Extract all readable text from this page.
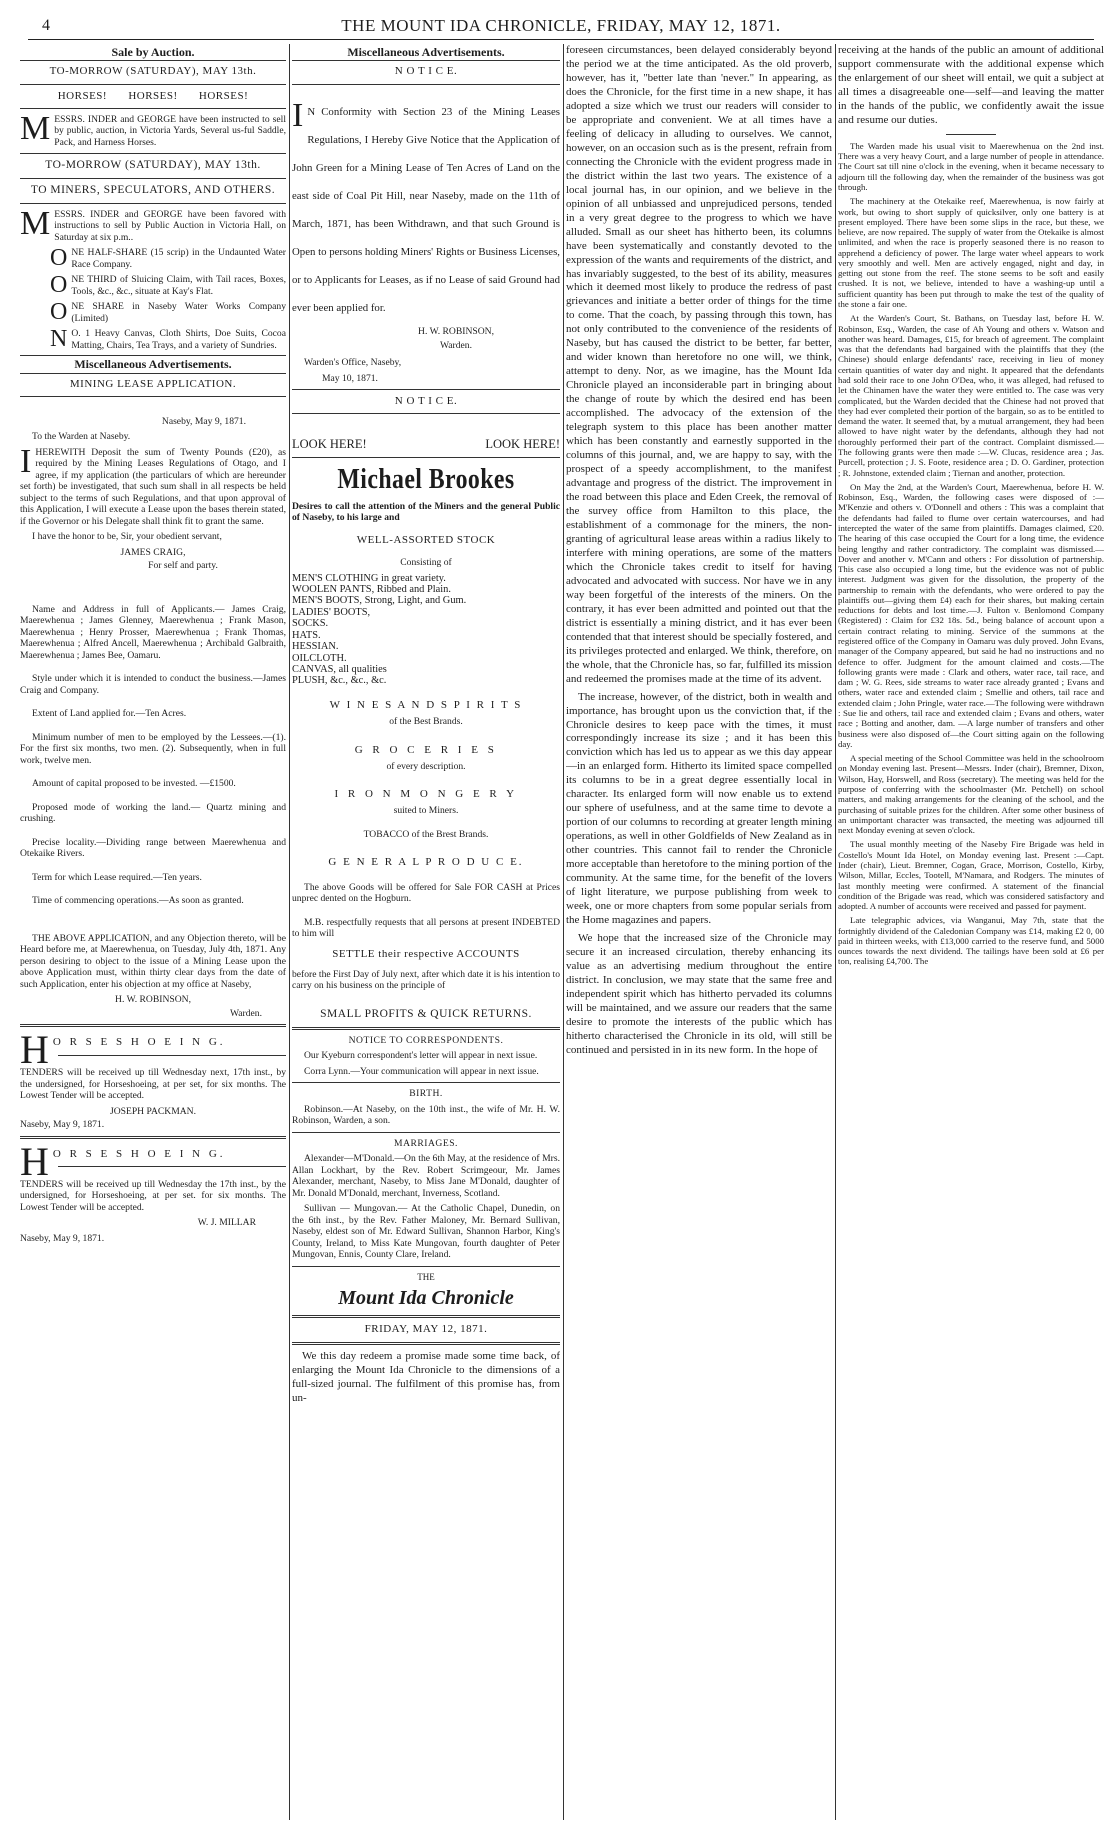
4	THE MOUNT IDA CHRONICLE, FRIDAY, MAY 12, 1871.
Sale by Auction.
TO-MORROW (SATURDAY), MAY 13th.
HORSES! HORSES! HORSES!

MESSRS. INDER and GEORGE have been instructed to sell by public, auction, in Victoria Yards, Several us-ful Saddle, Pack, and Harness Horses.

TO-MORROW (SATURDAY), MAY 13th.
TO MINERS, SPECULATORS, AND OTHERS.

MESSRS. INDER and GEORGE have been favored with instructions to sell by Public Auction in Victoria Hall, on Saturday at six p.m..

ONE HALF-SHARE (15 scrip) in the Undaunted Water Race Company.

ONE THIRD of Sluicing Claim, with Tail races, Boxes, Tools, &c., &c., situate at Kay's Flat.

ONE SHARE in Naseby Water Works Company (Limited)

N O. 1 Heavy Canvas, Cloth Shirts, Doe Suits, Cocoa Matting, Chairs, Tea Trays, and a variety of Sundries.

Miscellaneous Advertisements.
MINING LEASE APPLICATION.

Naseby, May 9, 1871.

To the Warden at Naseby.

I HEREWITH Deposit the sum of Twenty Pounds (£20), as required by the Mining Leases Regulations of Otago, and I agree, if my application (the particulars of which are hereunder set forth) be investigated, that such sum shall in all respects be held subject to the terms of such Regulations, and that upon approval of this Application, I will execute a Lease upon the bases therein stated, if the Governor or his Delegate shall think fit to grant the same.

I have the honor to be, Sir, your obedient servant,

JAMES CRAIG,

For self and party.

Name and Address in full of Applicants.— James Craig, Maerewhenua ; James Glenney, Maerewhenua ; Frank Mason, Maerewhenua ; Henry Prosser, Maerewhenua ; Frank Thomas, Maerewhenua ; Alfred Ancell, Maerewhenua ; Archibald Galbraith, Maerewhenua ; James Bee, Oamaru.

Style under which it is intended to conduct the business.—James Craig and Company.

Extent of Land applied for.—Ten Acres.

Minimum number of men to be employed by the Lessees.—(1). For the first six months, two men. (2). Subsequently, when in full work, twelve men.

Amount of capital proposed to be invested. —£1500.

Proposed mode of working the land.— Quartz mining and crushing.

Precise locality.—Dividing range between Maerewhenua and Otekaike Rivers.

Term for which Lease required.—Ten years.

Time of commencing operations.—As soon as granted.

THE ABOVE APPLICATION, and any Objection thereto, will be Heard before me, at Maerewhenua, on Tuesday, July 4th, 1871. Any person desiring to object to the issue of a Mining Lease upon the above Application must, within thirty clear days from the date of such Application, enter his objection at my office at Naseby,

H. W. ROBINSON,

Warden.

H O R S E S H O E I N G.

TENDERS will be received up till Wednesday next, 17th inst., by the undersigned, for Horseshoeing, at per set, for six months. The Lowest Tender will be accepted.

JOSEPH PACKMAN.

Naseby, May 9, 1871.

H O R S E S H O E I N G.

TENDERS will be received up till Wednesday the 17th inst., by the undersigned, for Horseshoeing, at per set. for six months. The Lowest Tender will be accepted.

W. J. MILLAR

Naseby, May 9, 1871.

Miscellaneous Advertisements.
N O T I C E.

I N Conformity with Section 23 of the Mining Leases Regulations, I Hereby Give Notice that the Application of John Green for a Mining Lease of Ten Acres of Land on the east side of Coal Pit Hill, near Naseby, made on the 11th of March, 1871, has been Withdrawn, and that such Ground is Open to persons holding Miners' Rights or Business Licenses, or to Applicants for Leases, as if no Lease of said Ground had ever been applied for.

H. W. ROBINSON,

Warden.

Warden's Office, Naseby,

May 10, 1871.

N O T I C E.
LOOK HERE!	LOOK HERE!
Michael Brookes

Desires to call the attention of the Miners and the general Public of Naseby, to his large and

WELL-ASSORTED STOCK

Consisting of

MEN'S CLOTHING in great variety.
WOOLEN PANTS, Ribbed and Plain.
MEN'S BOOTS, Strong, Light, and Gum.
LADIES' BOOTS,
SOCKS.
HATS.
HESSIAN.
OILCLOTH.
CANVAS, all qualities
PLUSH, &c., &c., &c.
W I N E S A N D S P I R I T S

of the Best Brands.

G R O C E R I E S

of every description.

I R O N M O N G E R Y

suited to Miners.

TOBACCO of the Brest Brands.

G E N E R A L P R O D U C E.

The above Goods will be offered for Sale FOR CASH at Prices unprec dented on the Hogburn.

M.B. respectfully requests that all persons at present INDEBTED to him will

SETTLE their respective ACCOUNTS

before the First Day of July next, after which date it is his intention to carry on his business on the principle of

SMALL PROFITS & QUICK RETURNS.
NOTICE TO CORRESPONDENTS.

Our Kyeburn correspondent's letter will appear in next issue.

Corra Lynn.—Your communication will appear in next issue.

BIRTH.

Robinson.—At Naseby, on the 10th inst., the wife of Mr. H. W. Robinson, Warden, a son.

MARRIAGES.

Alexander—M'Donald.—On the 6th May, at the residence of Mrs. Allan Lockhart, by the Rev. Robert Scrimgeour, Mr. James Alexander, merchant, Naseby, to Miss Jane M'Donald, daughter of Mr. Donald M'Donald, merchant, Inverness, Scotland.

Sullivan — Mungovan.— At the Catholic Chapel, Dunedin, on the 6th inst., by the Rev. Father Maloney, Mr. Bernard Sullivan, Naseby, eldest son of Mr. Edward Sullivan, Shannon Harbor, King's County, Ireland, to Miss Kate Mungovan, fourth daughter of Peter Mungovan, Ennis, County Clare, Ireland.

THE
Mount Ida Chronicle
FRIDAY, MAY 12, 1871.

We this day redeem a promise made some time back, of enlarging the Mount Ida Chronicle to the dimensions of a full-sized journal. The fulfilment of this promise has, from un-

foreseen circumstances, been delayed considerably beyond the period we at the time anticipated. As the old proverb, however, has it, "better late than 'never." In appearing, as does the Chronicle, for the first time in a new shape, it has adopted a size which we trust our readers will consider to be appropriate and convenient. We at all times have a feeling of delicacy in alluding to ourselves. We cannot, however, on an occasion such as is the present, refrain from connecting the Chronicle with the evident progress made in the district within the last two years. The existence of a local journal has, in our opinion, and we believe in the opinion of all unbiassed and unprejudiced persons, tended in a very great degree to the progress to which we have alluded. Small as our sheet has hitherto been, its columns have been systematically and constantly devoted to the expression of the wants and requirements of the district, and has invariably suggested, to the best of its ability, measures which it deemed most likely to produce the redress of past grievances and initiate a better order of things for the time to come. That the coach, by passing through this town, has not only contributed to the convenience of the residents of Naseby, but has caused the district to be better, far better, and wider known than heretofore no one will, we think, attempt to deny. Nor, as we imagine, has the Mount Ida Chronicle played an inconsiderable part in bringing about the change of route by which the desired end has been accomplished. The advocacy of the extension of the telegraph system to this place has been another matter which has been constantly and earnestly supported in the columns of this journal, and, we are happy to say, with the prospect of a speedy accomplishment, to the manifest advantage and progress of the district. The improvement in the road between this place and Eden Creek, the removal of the survey office from Hamilton to this place, the establishment of a commonage for the miners, the non-granting of agricultural lease areas within a radius likely to interfere with mining operations, are some of the matters which the Chronicle takes credit to itself for having advocated and advocated with success. Nor have we in any way been forgetful of the interests of the miners. On the contrary, it has ever been admitted and pointed out that the district is essentially a mining district, and it has ever been contended that that interest should be specially fostered, and its privileges protected and enlarged. We think, therefore, on the whole, that the Chronicle has, so far, fulfilled its mission and redeemed the promises made at the time of its advent.

The increase, however, of the district, both in wealth and importance, has brought upon us the conviction that, if the Chronicle desires to keep pace with the times, it must correspondingly increase its size ; and it has been this conviction which has led us to appear as we this day appear—in an enlarged form. Hitherto its limited space compelled its columns to be in a great degree essentially local in character. Its enlarged form will now enable us to extend our sphere of usefulness, and at the same time to devote a portion of our columns to recording at greater length mining operations, as well in other Goldfields of New Zealand as in other countries. This cannot fail to render the Chronicle more acceptable than heretofore to the mining portion of the community. At the same time, for the benefit of the lovers of light literature, we purpose publishing from week to week, one or more chapters from some popular serials from the Home magazines and papers.

We hope that the increased size of the Chronicle may secure it an increased circulation, thereby enhancing its value as an advertising medium throughout the entire district. In conclusion, we may state that the same free and independent spirit which has hitherto pervaded its columns will be maintained, and we assure our readers that the same desire to promote the interests of the public which has hitherto characterised the Chronicle in its old, will still be continued and persisted in in its new form. In the hope of

receiving at the hands of the public an amount of additional support commensurate with the additional expense which the enlargement of our sheet will entail, we quit a subject at all times a disagreeable one—self—and leaving the matter in the hands of the public, we confidently await the issue and resume our duties.

The Warden made his usual visit to Maerewhenua on the 2nd inst. There was a very heavy Court, and a large number of people in attendance. The Court sat till nine o'clock in the evening, when it became necessary to adjourn till the following day, when the remainder of the business was got through.

The machinery at the Otekaike reef, Maerewhenua, is now fairly at work, but owing to short supply of quicksilver, only one battery is at present employed. There have been some slips in the race, but these, we believe, are now repaired. The supply of water from the Otekaike is almost unlimited, and when the race is properly seasoned there is no reason to apprehend a deficiency of power. The large water wheel appears to work very smoothly and well. Men are actively engaged, night and day, in getting out stone from the reef. The stone seems to be soft and easily crushed. It is not, we believe, intended to have a washing-up until a sufficient quantity has been put through to make the test of the quality of the stone a fair one.

At the Warden's Court, St. Bathans, on Tuesday last, before H. W. Robinson, Esq., Warden, the case of Ah Young and others v. Watson and another was heard. Damages, £15, for breach of agreement. The complaint was that the defendants had bargained with the plaintiffs that they (the Chinese) should enlarge defendants' race, receiving in lieu of money certain quantities of water day and night. It appeared that the defendants had sold their race to one John O'Dea, who, it was alleged, had refused to let the Chinamen have the water they were entitled to. The case was very complicated, but the Warden decided that the Chinese had not proved that they had ever completed their portion of the bargain, so as to be entitled to demand the water. It seemed that, by a mutual arrangement, they had been allowed to have night water by the defendants, although they had not thoroughly performed their part of the contract. Complaint dismissed.—The following grants were then made :—W. Clucas, residence area ; Jas. Purcell, protection ; J. S. Foote, residence area ; D. O. Gardiner, protection ; R. Johnstone, extended claim ; Tiernan and another, protection.

On May the 2nd, at the Warden's Court, Maerewhenua, before H. W. Robinson, Esq., Warden, the following cases were disposed of :—M'Kenzie and others v. O'Donnell and others : This was a complaint that the defendants had failed to flume over certain watercourses, and had intercepted the water of the same from plaintiffs. Damages claimed, £20. The hearing of this case occupied the Court for a long time, the evidence being lengthy and rather contradictory. The complaint was dismissed.—Dover and another v. M'Cann and others : For dissolution of partnership. This case also occupied a long time, but the evidence was not of public interest. Judgment was given for the dissolution, the property of the partnership to remain with the defendants, who were ordered to pay the plaintiffs out—giving them £4) each for their shares, but making certain reductions for debts and lost time.—J. Fulton v. Benlomond Company (Registered) : Claim for £32 18s. 5d., being balance of account upon a certain contract relating to mining. Service of the summons at the registered office of the Company in Oamaru was duly proved. John Evans, manager of the Company appeared, but said he had no instructions and no defence to offer. Judgment for the amount claimed and costs.—The following grants were made : Clark and others, water race, tail race, and dam ; W. G. Rees, side streams to water race already granted ; Evans and others, water race and extended claim ; Smellie and others, tail race and extended claim ; John Pringle, water race.—The following were withdrawn : Sue lie and others, tail race and extended claim ; Evans and others, water race ; Botting and another, dam. —A large number of transfers and other business were also disposed of—the Court sitting again on the following day.

A special meeting of the School Committee was held in the schoolroom on Monday evening last. Present—Messrs. Inder (chair), Bremner, Dixon, Wilson, Hay, Horswell, and Ross (secretary). The meeting was held for the purpose of conferring with the schoolmaster (Mr. Petchell) on school matters, and making arrangements for the cleaning of the school, and the purchasing of suitable prizes for the children. After some other business of an unimportant character was transacted, the meeting was adjourned till next Monday evening at seven o'clock.

The usual monthly meeting of the Naseby Fire Brigade was held in Costello's Mount Ida Hotel, on Monday evening last. Present :—Capt. Inder (chair), Lieut. Bremner, Cogan, Grace, Morrison, Costello, Kirby, Wilson, Millar, Eccles, Tootell, M'Namara, and Rodgers. The minutes of last monthly meeting were confirmed. A statement of the financial condition of the Brigade was read, which was considered satisfactory and adopted. A number of accounts were received and passed for payment.

Late telegraphic advices, via Wanganui, May 7th, state that the fortnightly dividend of the Caledonian Company was £14, making £2 0, 00 paid in thirteen weeks, with £13,000 carried to the reserve fund, and 5000 ounces towards the next dividend. The tailings have been sold at £6 per ton, realising £4,700. The
